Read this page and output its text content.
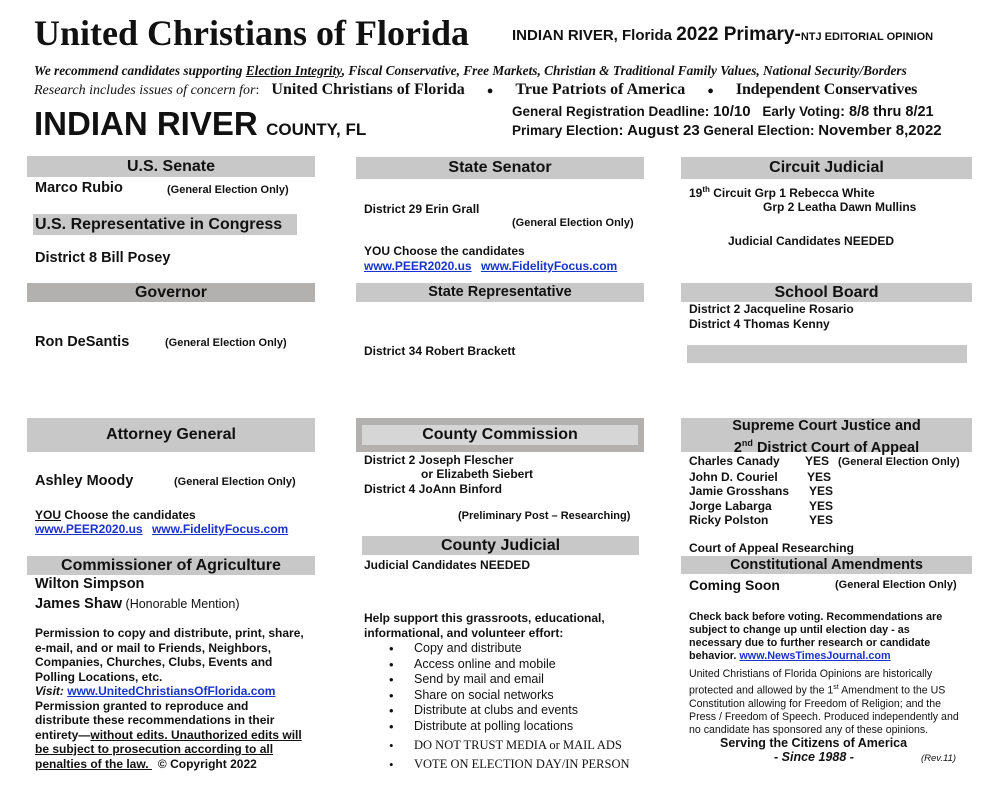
United Christians of Florida	INDIAN RIVER, Florida 2022 Primary-NTJ EDITORIAL OPINION
We recommend candidates supporting Election Integrity, Fiscal Conservative, Free Markets, Christian & Traditional Family Values, National Security/Borders
Research includes issues of concern for: United Christians of Florida ● True Patriots of America ● Independent Conservatives
INDIAN RIVER COUNTY, FL
General Registration Deadline: 10/10 Early Voting: 8/8 thru 8/21
Primary Election: August 23 General Election: November 8,2022
U.S. Senate
Marco Rubio	(General Election Only)
U.S. Representative in Congress
District 8 Bill Posey
State Senator
District 29 Erin Grall
(General Election Only)
YOU Choose the candidates
www.PEER2020.us www.FidelityFocus.com
Circuit Judicial
19th Circuit Grp 1 Rebecca White
Grp 2 Leatha Dawn Mullins
Judicial Candidates NEEDED
Governor
Ron DeSantis	(General Election Only)
State Representative
District 34 Robert Brackett
School Board
District 2 Jacqueline Rosario
District 4 Thomas Kenny
Attorney General
Ashley Moody	(General Election Only)
YOU Choose the candidates
www.PEER2020.us www.FidelityFocus.com
County Commission
District 2 Joseph Flescher
or Elizabeth Siebert
District 4 JoAnn Binford
(Preliminary Post – Researching)
Supreme Court Justice and
2nd District Court of Appeal
Charles Canady YES (General Election Only)
John D. Couriel YES
Jamie Grosshans YES
Jorge Labarga	YES
Ricky Polston	YES
Court of Appeal Researching
County Judicial
Judicial Candidates NEEDED
Commissioner of Agriculture
Wilton Simpson
James Shaw (Honorable Mention)
Constitutional Amendments
Coming Soon	(General Election Only)
Permission to copy and distribute, print, share, e-mail, and or mail to Friends, Neighbors, Companies, Churches, Clubs, Events and Polling Locations, etc.
Visit: www.UnitedChristiansOfFlorida.com
Permission granted to reproduce and distribute these recommendations in their entirety—without edits. Unauthorized edits will be subject to prosecution according to all penalties of the law. © Copyright 2022
Help support this grassroots, educational, informational, and volunteer effort:
• Copy and distribute
• Access online and mobile
• Send by mail and email
• Share on social networks
• Distribute at clubs and events
• Distribute at polling locations
• DO NOT TRUST MEDIA or MAIL ADS
• VOTE ON ELECTION DAY/IN PERSON
Check back before voting. Recommendations are subject to change up until election day - as necessary due to further research or candidate behavior. www.NewsTimesJournal.com
United Christians of Florida Opinions are historically protected and allowed by the 1st Amendment to the US Constitution allowing for Freedom of Religion; and the Press / Freedom of Speech. Produced independently and no candidate has sponsored any of these opinions.
Serving the Citizens of America
- Since 1988 -	(Rev.11)
